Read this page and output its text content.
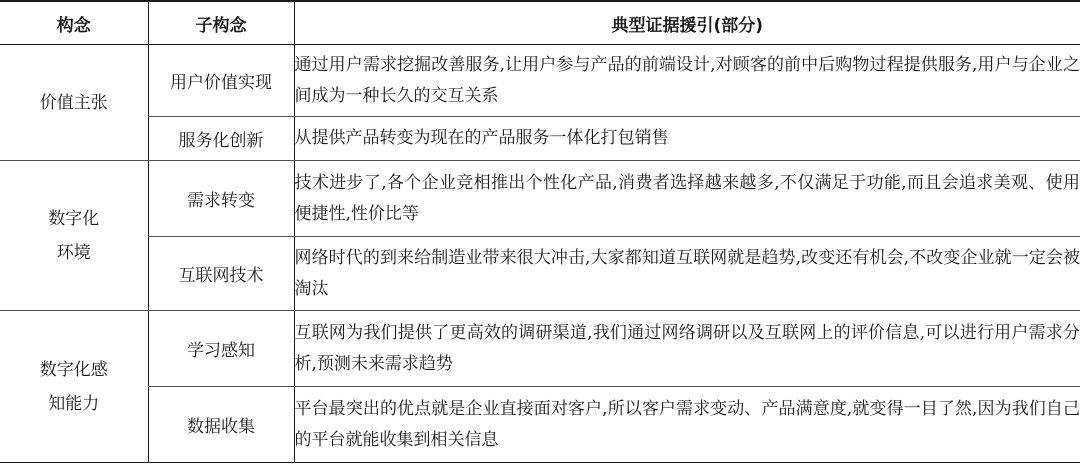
构念	子构念	典型证据援引(部分)
价值主张	用户价值实现	通过用户需求挖掘改善服务,让用户参与产品的前端设计,对顾客的前中后购物过程提供服务,用户与企业之间成为一种长久的交互关系
	服务化创新	从提供产品转变为现在的产品服务一体化打包销售

数字化环境	需求转变	技术进步了,各个企业竞相推出个性化产品,消费者选择越来越多,不仅满足于功能,而且会追求美观、使用便捷性,性价比等
	互联网技术	网络时代的到来给制造业带来很大冲击,大家都知道互联网就是趋势,改变还有机会,不改变企业就一定会被淘汰

数字化感知能力	学习感知	互联网为我们提供了更高效的调研渠道,我们通过网络调研以及互联网上的评价信息,可以进行用户需求分析,预测未来需求趋势
	数据收集	平台最突出的优点就是企业直接面对客户,所以客户需求变动、产品满意度,就变得一目了然,因为我们自己的平台就能收集到相关信息
